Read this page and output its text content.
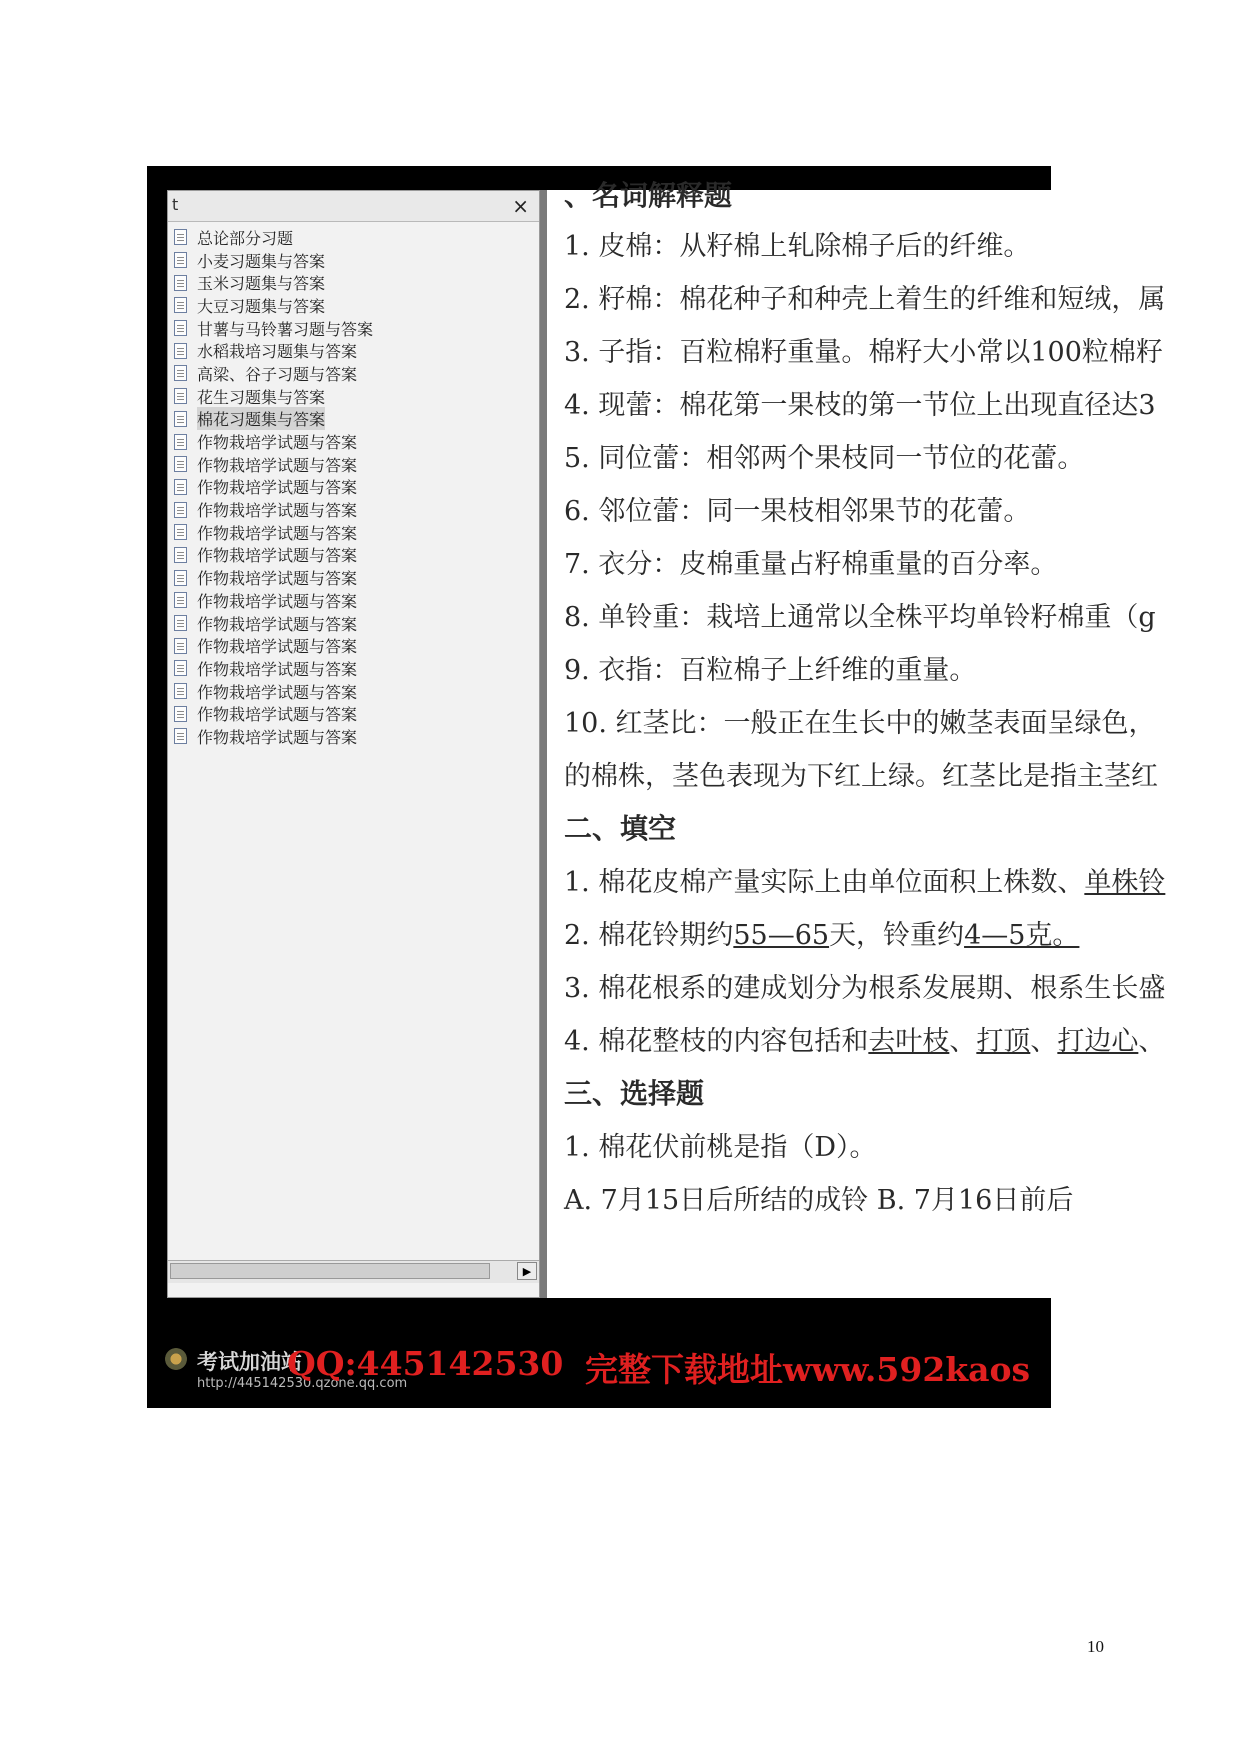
t	×
总论部分习题
小麦习题集与答案
玉米习题集与答案
大豆习题集与答案
甘薯与马铃薯习题与答案
水稻栽培习题集与答案
高梁、谷子习题与答案
花生习题集与答案
棉花习题集与答案
作物栽培学试题与答案
作物栽培学试题与答案
作物栽培学试题与答案
作物栽培学试题与答案
作物栽培学试题与答案
作物栽培学试题与答案
作物栽培学试题与答案
作物栽培学试题与答案
作物栽培学试题与答案
作物栽培学试题与答案
作物栽培学试题与答案
作物栽培学试题与答案
作物栽培学试题与答案
作物栽培学试题与答案
▶
、名词解释题
1. 皮棉：从籽棉上轧除棉子后的纤维。
2. 籽棉：棉花种子和种壳上着生的纤维和短绒，属
3. 子指：百粒棉籽重量。棉籽大小常以100粒棉籽
4. 现蕾：棉花第一果枝的第一节位上出现直径达3
5. 同位蕾：相邻两个果枝同一节位的花蕾。
6. 邻位蕾：同一果枝相邻果节的花蕾。
7. 衣分：皮棉重量占籽棉重量的百分率。
8. 单铃重：栽培上通常以全株平均单铃籽棉重（g
9. 衣指：百粒棉子上纤维的重量。
10. 红茎比：一般正在生长中的嫩茎表面呈绿色，
的棉株，茎色表现为下红上绿。红茎比是指主茎红
二、填空
1. 棉花皮棉产量实际上由单位面积上株数、单株铃
2. 棉花铃期约55—65天，铃重约4—5克。
3. 棉花根系的建成划分为根系发展期、根系生长盛
4. 棉花整枝的内容包括和去叶枝、打顶、打边心、
三、选择题
1. 棉花伏前桃是指（D）。
A. 7月15日后所结的成铃 B. 7月16日前后
考试加油站
http://445142530.qzone.qq.com
QQ:445142530 完整下载地址www.592kaos
10
